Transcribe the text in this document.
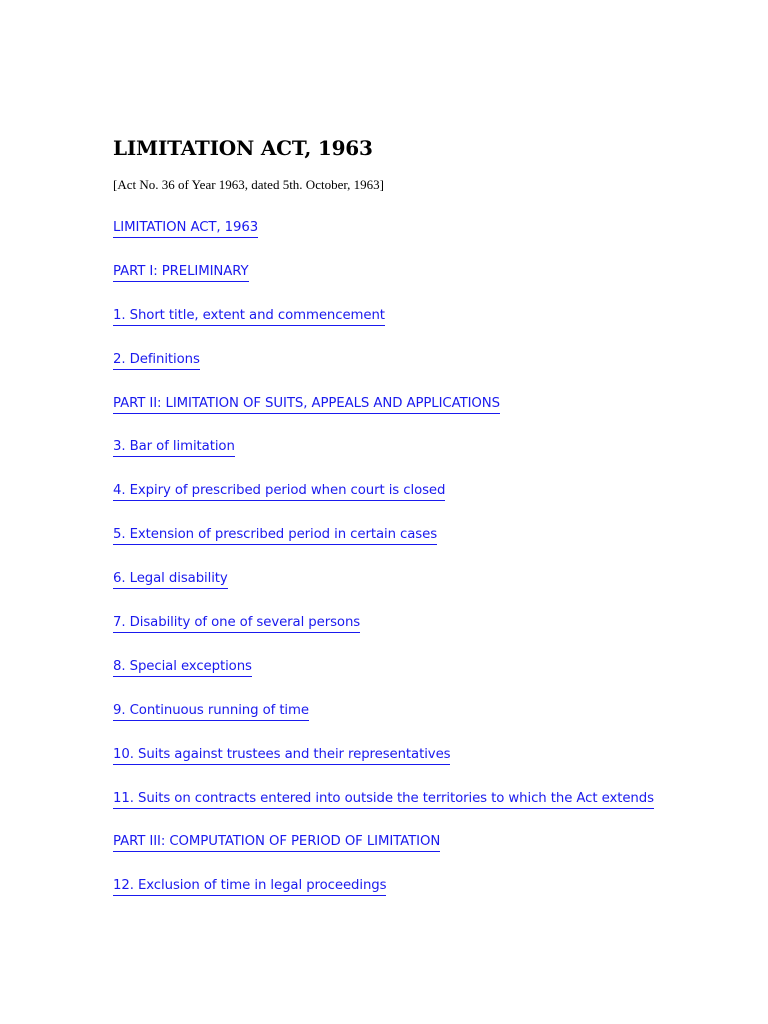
LIMITATION ACT, 1963

[Act No. 36 of Year 1963, dated 5th. October, 1963]

LIMITATION ACT, 1963
PART I: PRELIMINARY
1. Short title, extent and commencement
2. Definitions
PART II: LIMITATION OF SUITS, APPEALS AND APPLICATIONS
3. Bar of limitation
4. Expiry of prescribed period when court is closed
5. Extension of prescribed period in certain cases
6. Legal disability
7. Disability of one of several persons
8. Special exceptions
9. Continuous running of time
10. Suits against trustees and their representatives
11. Suits on contracts entered into outside the territories to which the Act extends
PART III: COMPUTATION OF PERIOD OF LIMITATION
12. Exclusion of time in legal proceedings
